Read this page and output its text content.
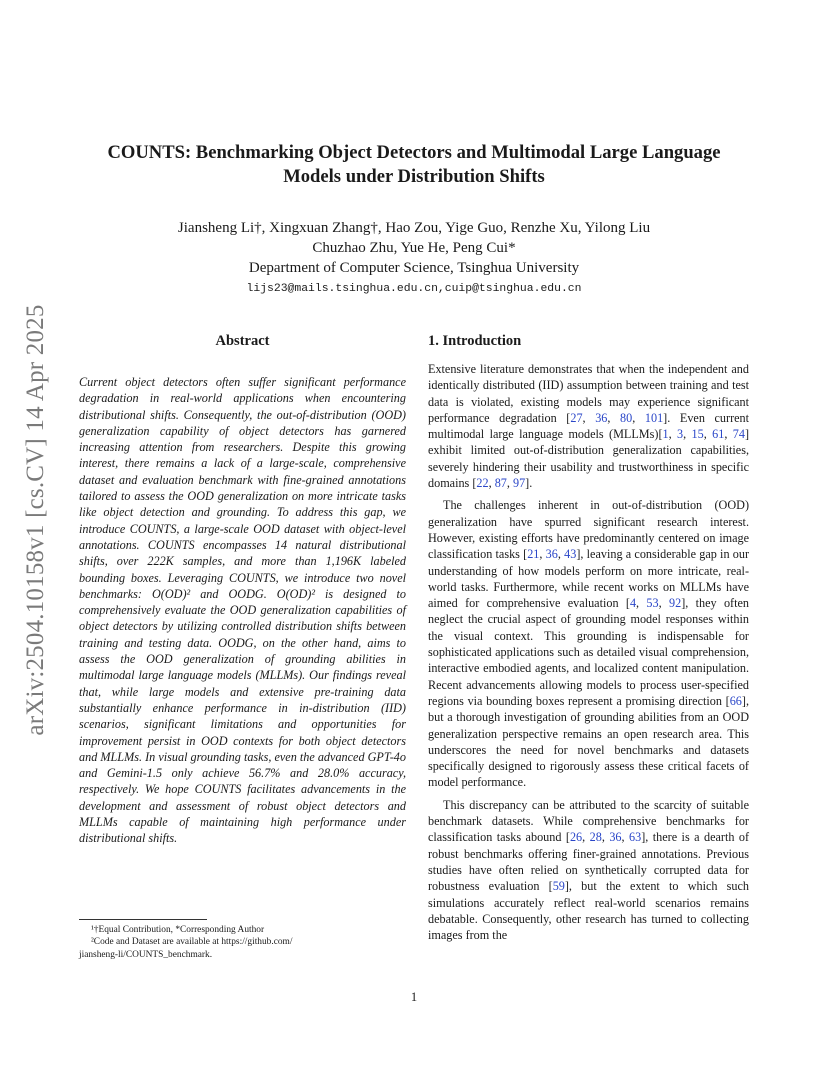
arXiv:2504.10158v1 [cs.CV] 14 Apr 2025
COUNTS: Benchmarking Object Detectors and Multimodal Large Language Models under Distribution Shifts
Jiansheng Li†, Xingxuan Zhang†, Hao Zou, Yige Guo, Renzhe Xu, Yilong Liu
Chuzhao Zhu, Yue He, Peng Cui*
Department of Computer Science, Tsinghua University
lijs23@mails.tsinghua.edu.cn,cuip@tsinghua.edu.cn
Abstract

Current object detectors often suffer significant performance degradation in real-world applications when encountering distributional shifts. Consequently, the out-of-distribution (OOD) generalization capability of object detectors has garnered increasing attention from researchers. Despite this growing interest, there remains a lack of a large-scale, comprehensive dataset and evaluation benchmark with fine-grained annotations tailored to assess the OOD generalization on more intricate tasks like object detection and grounding. To address this gap, we introduce COUNTS, a large-scale OOD dataset with object-level annotations. COUNTS encompasses 14 natural distributional shifts, over 222K samples, and more than 1,196K labeled bounding boxes. Leveraging COUNTS, we introduce two novel benchmarks: O(OD)² and OODG. O(OD)² is designed to comprehensively evaluate the OOD generalization capabilities of object detectors by utilizing controlled distribution shifts between training and testing data. OODG, on the other hand, aims to assess the OOD generalization of grounding abilities in multimodal large language models (MLLMs). Our findings reveal that, while large models and extensive pre-training data substantially enhance performance in in-distribution (IID) scenarios, significant limitations and opportunities for improvement persist in OOD contexts for both object detectors and MLLMs. In visual grounding tasks, even the advanced GPT-4o and Gemini-1.5 only achieve 56.7% and 28.0% accuracy, respectively. We hope COUNTS facilitates advancements in the development and assessment of robust object detectors and MLLMs capable of maintaining high performance under distributional shifts.

1. Introduction

Extensive literature demonstrates that when the independent and identically distributed (IID) assumption between training and test data is violated, existing models may experience significant performance degradation [27, 36, 80, 101]. Even current multimodal large language models (MLLMs)[1, 3, 15, 61, 74] exhibit limited out-of-distribution generalization capabilities, severely hindering their usability and trustworthiness in specific domains [22, 87, 97].

The challenges inherent in out-of-distribution (OOD) generalization have spurred significant research interest. However, existing efforts have predominantly centered on image classification tasks [21, 36, 43], leaving a considerable gap in our understanding of how models perform on more intricate, real-world tasks. Furthermore, while recent works on MLLMs have aimed for comprehensive evaluation [4, 53, 92], they often neglect the crucial aspect of grounding model responses within the visual context. This grounding is indispensable for sophisticated applications such as detailed visual comprehension, interactive embodied agents, and localized content manipulation. Recent advancements allowing models to process user-specified regions via bounding boxes represent a promising direction [66], but a thorough investigation of grounding abilities from an OOD generalization perspective remains an open research area. This underscores the need for novel benchmarks and datasets specifically designed to rigorously assess these critical facets of model performance.

This discrepancy can be attributed to the scarcity of suitable benchmark datasets. While comprehensive benchmarks for classification tasks abound [26, 28, 36, 63], there is a dearth of robust benchmarks offering finer-grained annotations. Previous studies have often relied on synthetically corrupted data for robustness evaluation [59], but the extent to which such simulations accurately reflect real-world scenarios remains debatable. Consequently, other research has turned to collecting images from the

¹†Equal Contribution, *Corresponding Author
²Code and Dataset are available at https://github.com/
jiansheng-li/COUNTS_benchmark.
1
